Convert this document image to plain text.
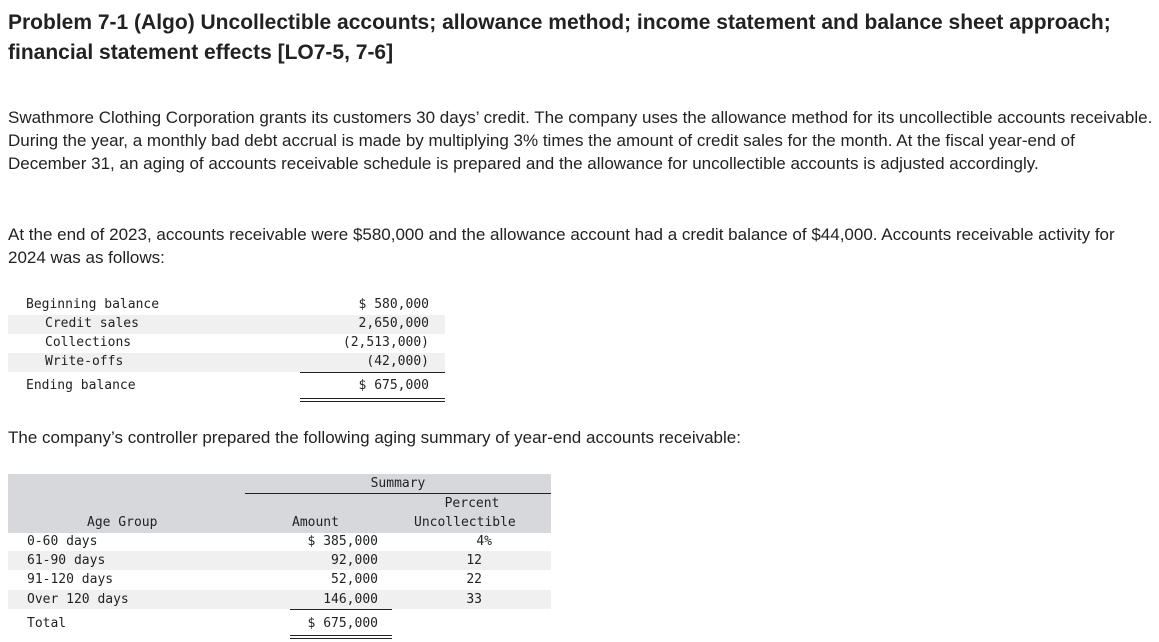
Problem 7-1 (Algo) Uncollectible accounts; allowance method; income statement and balance sheet approach; financial statement effects [LO7-5, 7-6]
Swathmore Clothing Corporation grants its customers 30 days’ credit. The company uses the allowance method for its uncollectible accounts receivable. During the year, a monthly bad debt accrual is made by multiplying 3% times the amount of credit sales for the month. At the fiscal year-end of December 31, an aging of accounts receivable schedule is prepared and the allowance for uncollectible accounts is adjusted accordingly.
At the end of 2023, accounts receivable were $580,000 and the allowance account had a credit balance of $44,000. Accounts receivable activity for 2024 was as follows:
Beginning balance	$ 580,000
Credit sales	2,650,000
Collections	(2,513,000)
Write-offs	(42,000)
Ending balance	$ 675,000
The company’s controller prepared the following aging summary of year-end accounts receivable:
Summary
Percent
Age Group	Amount	Uncollectible
0-60 days	$ 385,000	4%
61-90 days	92,000	12
91-120 days	52,000	22
Over 120 days	146,000	33
Total	$ 675,000
